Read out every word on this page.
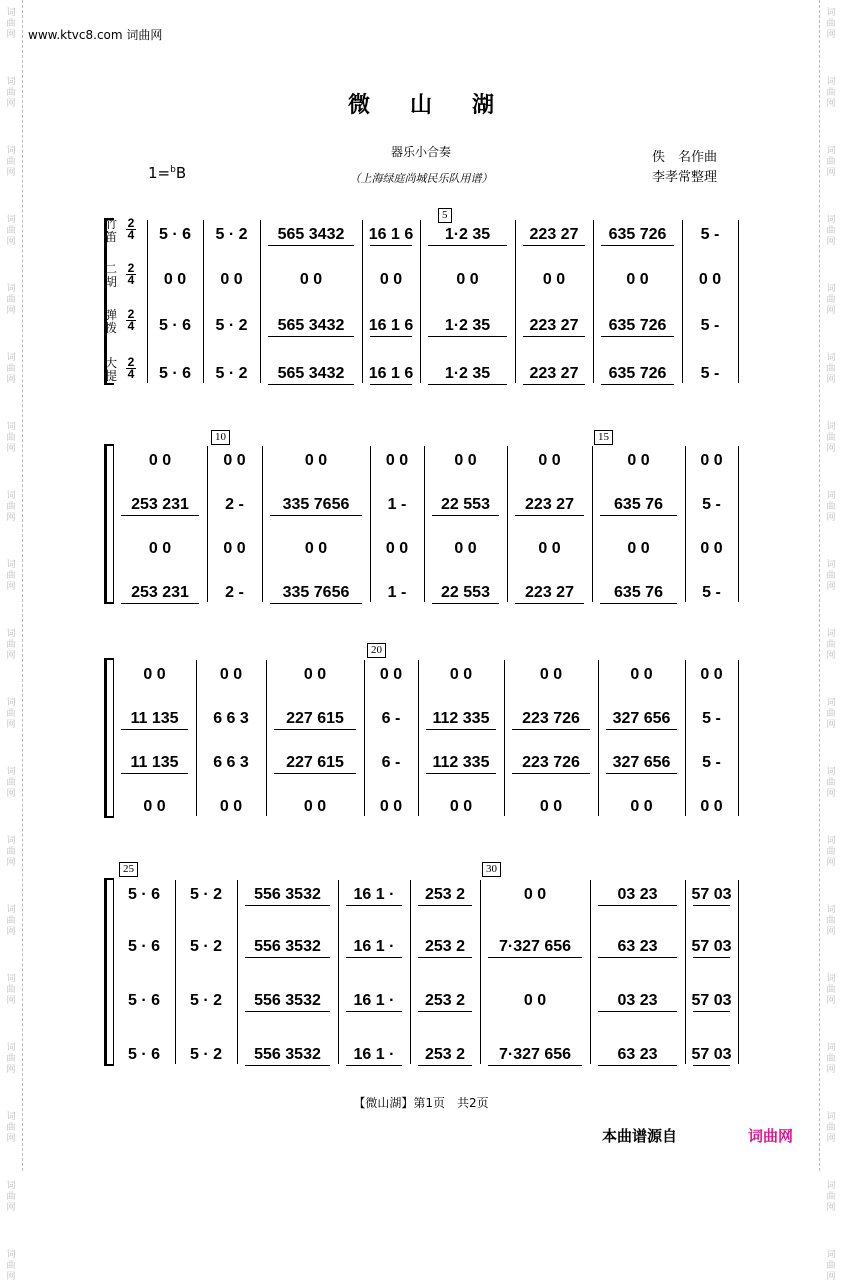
词
曲
网
词
曲
网
词
曲
网
词
曲
网
词
曲
网
词
曲
网
词
曲
网
词
曲
网
词
曲
网
词
曲
网
词
曲
网
词
曲
网
词
曲
网
词
曲
网
词
曲
网
词
曲
网
词
曲
网
词
曲
网
词
曲
网
词
曲
网
词
曲
网
词
曲
网
词
曲
网
词
曲
网
词
曲
网
词
曲
网
词
曲
网
词
曲
网
词
曲
网
词
曲
网
词
曲
网
词
曲
网
词
曲
网
词
曲
网
词
曲
网
词
曲
网
词
曲
网
词
曲
网
www.ktvc8.com 词曲网
微山湖
器乐小合奏
（上海绿庭尚城民乐队用谱）
1=$^b$B
佚　名作曲
李孝常整理
竹
笛
2
4	5 · 6	5 · 2	565 3432	16 1 6	1·2 35	223 27	635 726	5 -
二
胡
2
4	0 0	0 0	0 0	0 0	0 0	0 0	0 0	0 0
弹
拨
2
4	5 · 6	5 · 2	565 3432	16 1 6	1·2 35	223 27	635 726	5 -
大
提
2
4	5 · 6	5 · 2	565 3432	16 1 6	1·2 35	223 27	635 726	5 -
0 0	0 0	0 0	0 0	0 0	0 0	0 0	0 0
253 231	2 -	335 7656	1 -	22 553	223 27	635 76	5 -
0 0	0 0	0 0	0 0	0 0	0 0	0 0	0 0
253 231	2 -	335 7656	1 -	22 553	223 27	635 76	5 -
0 0	0 0	0 0	0 0	0 0	0 0	0 0	0 0
11 135	6 6 3	227 615	6 -	112 335	223 726	327 656	5 -
11 135	6 6 3	227 615	6 -	112 335	223 726	327 656	5 -
0 0	0 0	0 0	0 0	0 0	0 0	0 0	0 0
5 · 6	5 · 2	556 3532	16 1 ·	253 2	0 0	03 23	57 03
5 · 6	5 · 2	556 3532	16 1 ·	253 2	7·327 656	63 23	57 03
5 · 6	5 · 2	556 3532	16 1 ·	253 2	0 0	03 23	57 03
5 · 6	5 · 2	556 3532	16 1 ·	253 2	7·327 656	63 23	57 03
5
10	15
20
25	30
【微山湖】第1页　共2页
本曲谱源自	词曲网
